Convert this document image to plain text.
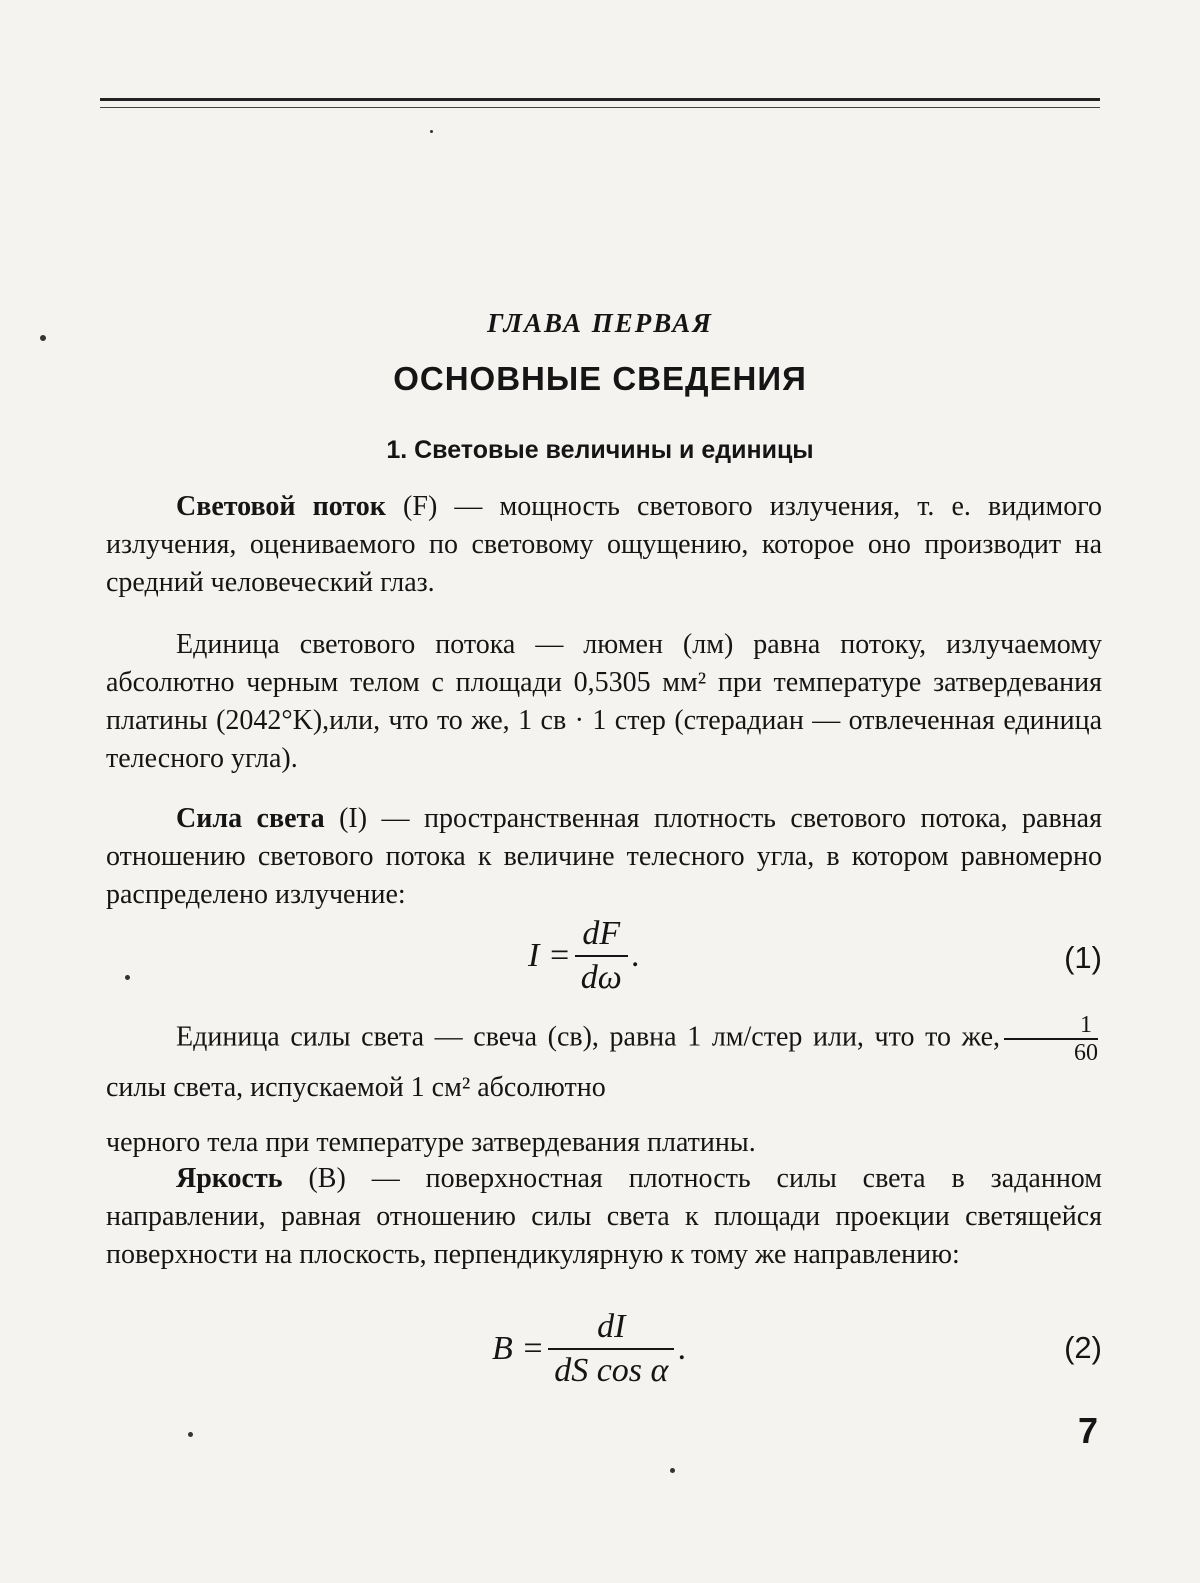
ГЛАВА ПЕРВАЯ
ОСНОВНЫЕ СВЕДЕНИЯ
1. Световые величины и единицы

Световой поток (F) — мощность светового излучения, т. е. видимого излучения, оцениваемого по световому ощущению, которое оно производит на средний человеческий глаз.

Единица светового потока — люмен (лм) равна потоку, излучаемому абсолютно черным телом с площади 0,5305 мм² при температуре затвердевания платины (2042°K),или, что то же, 1 св · 1 стер (стерадиан — отвлеченная единица телесного угла).

Сила света (I) — пространственная плотность светового потока, равная отношению светового потока к величине телесного угла, в котором равномерно распределено излучение:

$I = \frac{dF}{d\omega}$ .	(1)

Единица силы света — свеча (св), равна 1 лм/стер или, что то же, $\frac{1}{60}$
силы света, испускаемой 1 см² абсолютно

черного тела при температуре затвердевания платины.

Яркость (B) — поверхностная плотность силы света в заданном направлении, равная отношению силы света к площади проекции светящейся поверхности на плоскость, перпендикулярную к тому же направлению:

$B = \frac{dI}{\text{dS cos α}}$ .	(2)
7
